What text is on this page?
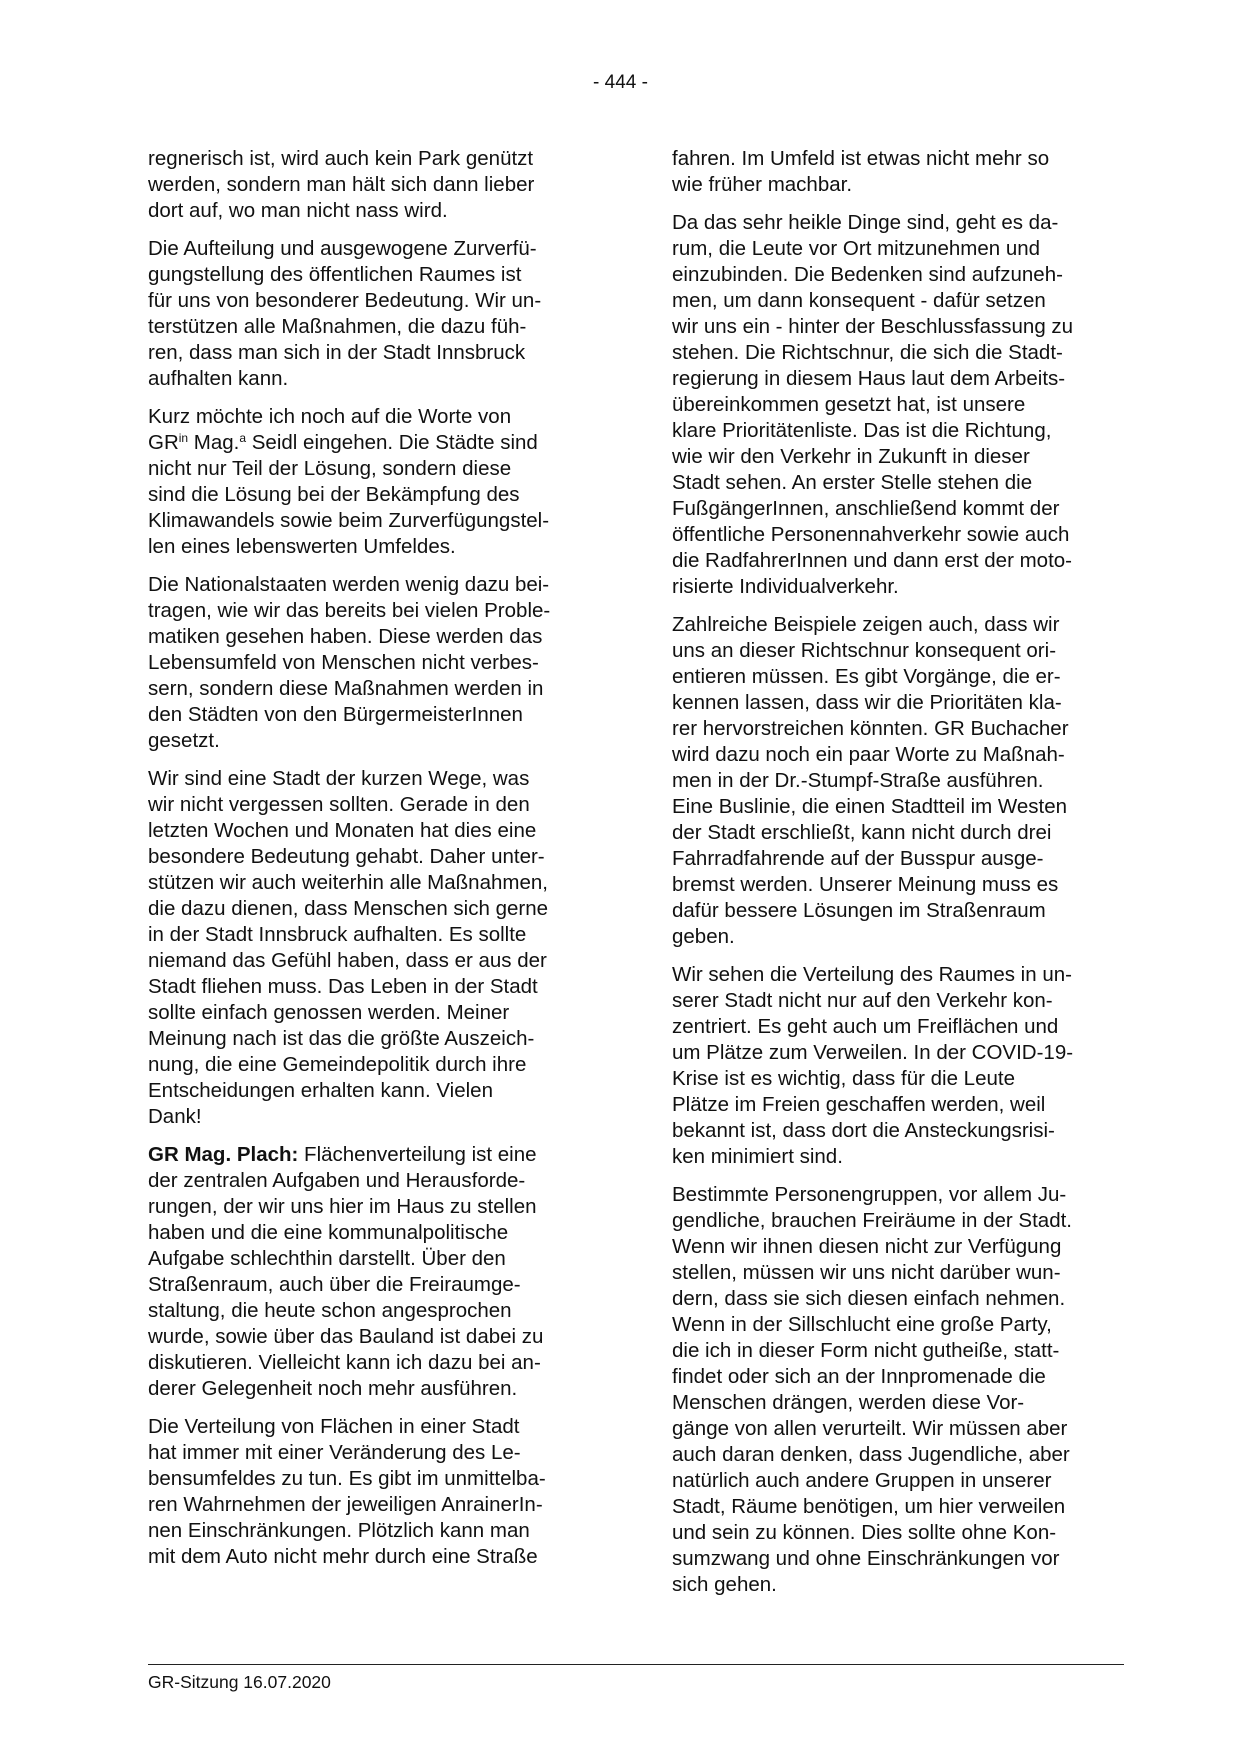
- 444 -

regnerisch ist, wird auch kein Park genützt
werden, sondern man hält sich dann lieber
dort auf, wo man nicht nass wird.

Die Aufteilung und ausgewogene Zurverfü-
gungstellung des öffentlichen Raumes ist
für uns von besonderer Bedeutung. Wir un-
terstützen alle Maßnahmen, die dazu füh-
ren, dass man sich in der Stadt Innsbruck
aufhalten kann.

Kurz möchte ich noch auf die Worte von
$GR^{in}$ Mag.$^a$ Seidl eingehen. Die Städte sind
nicht nur Teil der Lösung, sondern diese
sind die Lösung bei der Bekämpfung des
Klimawandels sowie beim Zurverfügungstel-
len eines lebenswerten Umfeldes.

Die Nationalstaaten werden wenig dazu bei-
tragen, wie wir das bereits bei vielen Proble-
matiken gesehen haben. Diese werden das
Lebensumfeld von Menschen nicht verbes-
sern, sondern diese Maßnahmen werden in
den Städten von den BürgermeisterInnen
gesetzt.

Wir sind eine Stadt der kurzen Wege, was
wir nicht vergessen sollten. Gerade in den
letzten Wochen und Monaten hat dies eine
besondere Bedeutung gehabt. Daher unter-
stützen wir auch weiterhin alle Maßnahmen,
die dazu dienen, dass Menschen sich gerne
in der Stadt Innsbruck aufhalten. Es sollte
niemand das Gefühl haben, dass er aus der
Stadt fliehen muss. Das Leben in der Stadt
sollte einfach genossen werden. Meiner
Meinung nach ist das die größte Auszeich-
nung, die eine Gemeindepolitik durch ihre
Entscheidungen erhalten kann. Vielen
Dank!

GR Mag. Plach: Flächenverteilung ist eine
der zentralen Aufgaben und Herausforde-
rungen, der wir uns hier im Haus zu stellen
haben und die eine kommunalpolitische
Aufgabe schlechthin darstellt. Über den
Straßenraum, auch über die Freiraumge-
staltung, die heute schon angesprochen
wurde, sowie über das Bauland ist dabei zu
diskutieren. Vielleicht kann ich dazu bei an-
derer Gelegenheit noch mehr ausführen.

Die Verteilung von Flächen in einer Stadt
hat immer mit einer Veränderung des Le-
bensumfeldes zu tun. Es gibt im unmittelba-
ren Wahrnehmen der jeweiligen AnrainerIn-
nen Einschränkungen. Plötzlich kann man
mit dem Auto nicht mehr durch eine Straße

fahren. Im Umfeld ist etwas nicht mehr so
wie früher machbar.

Da das sehr heikle Dinge sind, geht es da-
rum, die Leute vor Ort mitzunehmen und
einzubinden. Die Bedenken sind aufzuneh-
men, um dann konsequent - dafür setzen
wir uns ein - hinter der Beschlussfassung zu
stehen. Die Richtschnur, die sich die Stadt-
regierung in diesem Haus laut dem Arbeits-
übereinkommen gesetzt hat, ist unsere
klare Prioritätenliste. Das ist die Richtung,
wie wir den Verkehr in Zukunft in dieser
Stadt sehen. An erster Stelle stehen die
FußgängerInnen, anschließend kommt der
öffentliche Personennahverkehr sowie auch
die RadfahrerInnen und dann erst der moto-
risierte Individualverkehr.

Zahlreiche Beispiele zeigen auch, dass wir
uns an dieser Richtschnur konsequent ori-
entieren müssen. Es gibt Vorgänge, die er-
kennen lassen, dass wir die Prioritäten kla-
rer hervorstreichen könnten. GR Buchacher
wird dazu noch ein paar Worte zu Maßnah-
men in der Dr.-Stumpf-Straße ausführen.
Eine Buslinie, die einen Stadtteil im Westen
der Stadt erschließt, kann nicht durch drei
Fahrradfahrende auf der Busspur ausge-
bremst werden. Unserer Meinung muss es
dafür bessere Lösungen im Straßenraum
geben.

Wir sehen die Verteilung des Raumes in un-
serer Stadt nicht nur auf den Verkehr kon-
zentriert. Es geht auch um Freiflächen und
um Plätze zum Verweilen. In der COVID-19-
Krise ist es wichtig, dass für die Leute
Plätze im Freien geschaffen werden, weil
bekannt ist, dass dort die Ansteckungsrisi-
ken minimiert sind.

Bestimmte Personengruppen, vor allem Ju-
gendliche, brauchen Freiräume in der Stadt.
Wenn wir ihnen diesen nicht zur Verfügung
stellen, müssen wir uns nicht darüber wun-
dern, dass sie sich diesen einfach nehmen.
Wenn in der Sillschlucht eine große Party,
die ich in dieser Form nicht gutheiße, statt-
findet oder sich an der Innpromenade die
Menschen drängen, werden diese Vor-
gänge von allen verurteilt. Wir müssen aber
auch daran denken, dass Jugendliche, aber
natürlich auch andere Gruppen in unserer
Stadt, Räume benötigen, um hier verweilen
und sein zu können. Dies sollte ohne Kon-
sumzwang und ohne Einschränkungen vor
sich gehen.

GR-Sitzung 16.07.2020
